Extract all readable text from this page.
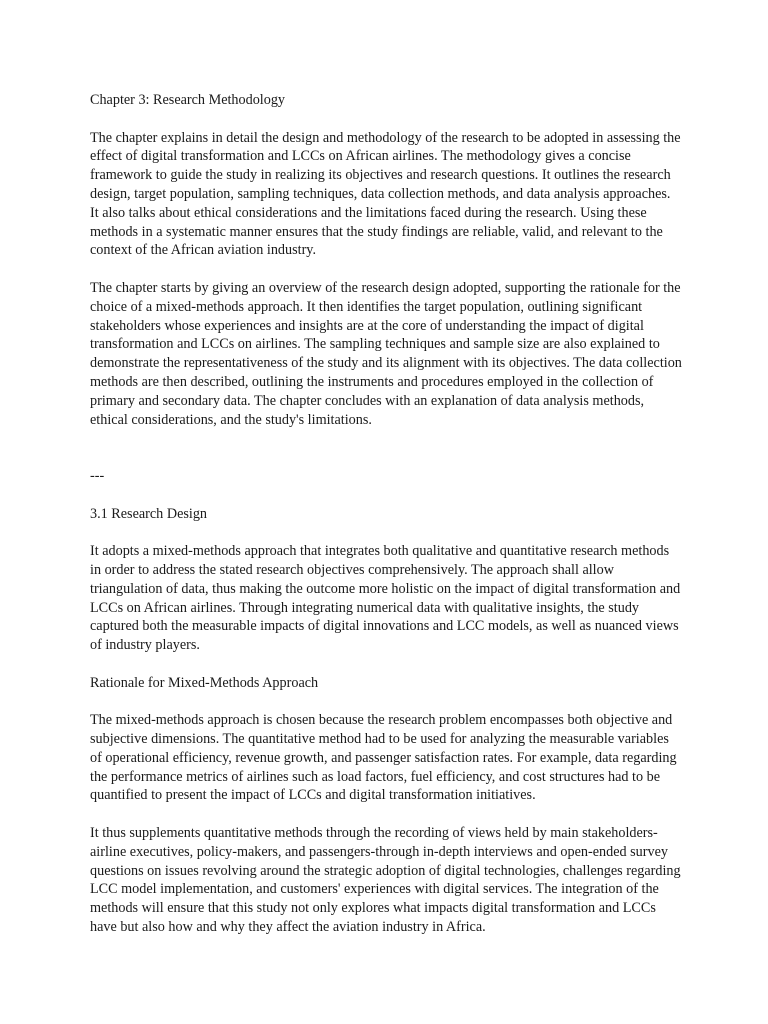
Chapter 3: Research Methodology

The chapter explains in detail the design and methodology of the research to be adopted in assessing the effect of digital transformation and LCCs on African airlines. The methodology gives a concise framework to guide the study in realizing its objectives and research questions. It outlines the research design, target population, sampling techniques, data collection methods, and data analysis approaches. It also talks about ethical considerations and the limitations faced during the research. Using these methods in a systematic manner ensures that the study findings are reliable, valid, and relevant to the context of the African aviation industry.

The chapter starts by giving an overview of the research design adopted, supporting the rationale for the choice of a mixed-methods approach. It then identifies the target population, outlining significant stakeholders whose experiences and insights are at the core of understanding the impact of digital transformation and LCCs on airlines. The sampling techniques and sample size are also explained to demonstrate the representativeness of the study and its alignment with its objectives. The data collection methods are then described, outlining the instruments and procedures employed in the collection of primary and secondary data. The chapter concludes with an explanation of data analysis methods, ethical considerations, and the study's limitations.

---

3.1 Research Design

It adopts a mixed-methods approach that integrates both qualitative and quantitative research methods in order to address the stated research objectives comprehensively. The approach shall allow triangulation of data, thus making the outcome more holistic on the impact of digital transformation and LCCs on African airlines. Through integrating numerical data with qualitative insights, the study captured both the measurable impacts of digital innovations and LCC models, as well as nuanced views of industry players.

Rationale for Mixed-Methods Approach

The mixed-methods approach is chosen because the research problem encompasses both objective and subjective dimensions. The quantitative method had to be used for analyzing the measurable variables of operational efficiency, revenue growth, and passenger satisfaction rates. For example, data regarding the performance metrics of airlines such as load factors, fuel efficiency, and cost structures had to be quantified to present the impact of LCCs and digital transformation initiatives.

It thus supplements quantitative methods through the recording of views held by main stakeholders-airline executives, policy-makers, and passengers-through in-depth interviews and open-ended survey questions on issues revolving around the strategic adoption of digital technologies, challenges regarding LCC model implementation, and customers' experiences with digital services. The integration of the methods will ensure that this study not only explores what impacts digital transformation and LCCs have but also how and why they affect the aviation industry in Africa.
